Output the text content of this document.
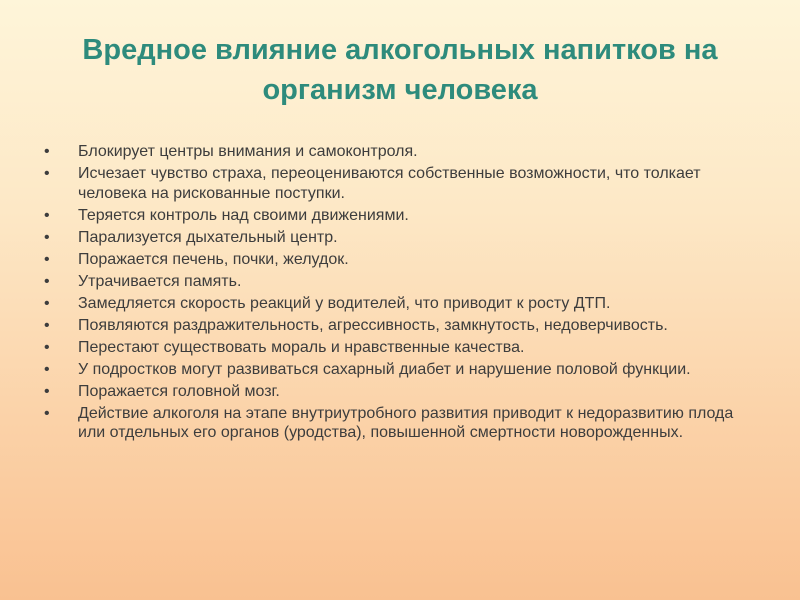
Вредное влияние алкогольных напитков на организм человека
• Блокирует центры внимания и самоконтроля.
• Исчезает чувство страха, переоцениваются собственные возможности, что толкает человека на рискованные поступки.
• Теряется контроль над своими движениями.
• Парализуется дыхательный центр.
• Поражается печень, почки, желудок.
• Утрачивается память.
• Замедляется скорость реакций у водителей, что приводит к росту ДТП.
• Появляются раздражительность, агрессивность, замкнутость, недоверчивость.
• Перестают существовать мораль и нравственные качества.
• У подростков могут развиваться сахарный диабет и нарушение половой функции.
• Поражается головной мозг.
• Действие алкоголя на этапе внутриутробного развития приводит к недоразвитию плода или отдельных его органов (уродства), повышенной смертности новорожденных.
